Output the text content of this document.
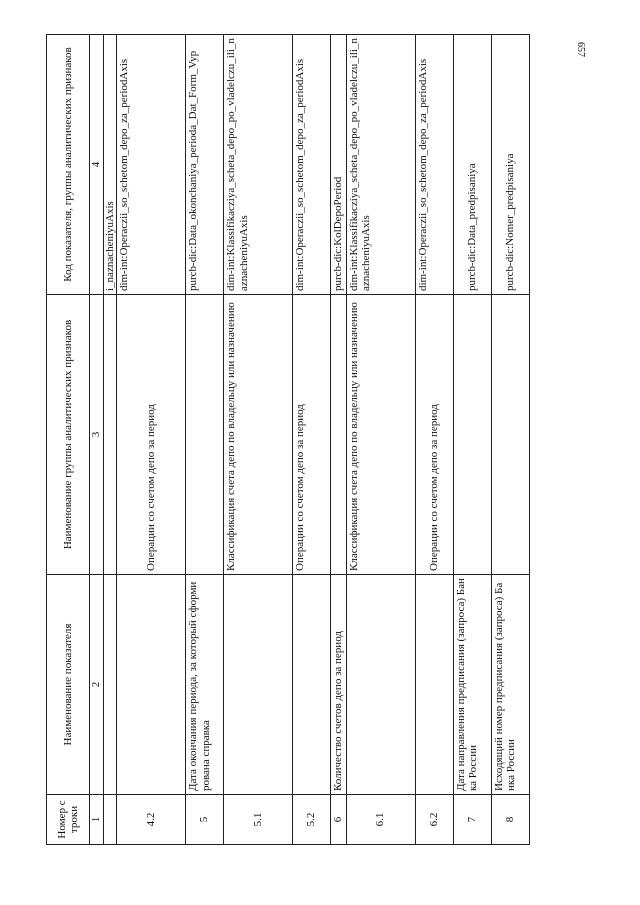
657
Номер строки	Наименование показателя	Наименование группы аналитических признаков	Код показателя, группы аналитических признаков
1	2	3	4
			i_naznacheniyuAxis
4.2		Операции со счетом депо за период	dim-int:Operaczii_so_schetom_depo_za_periodAxis
5	Дата окончания периода, за который сформирована справка		purcb-dic:Data_okonchaniya_perioda_Dat_Form_Vyp
5.1		Классификация счета депо по владельцу или назначению	dim-int:Klassifikacziya_scheta_depo_po_vladelczu_ili_naznacheniyuAxis
5.2		Операции со счетом депо за период	dim-int:Operaczii_so_schetom_depo_za_periodAxis
6	Количество счетов депо за период		purcb-dic:KolDepoPeriod
6.1		Классификация счета депо по владельцу или назначению	dim-int:Klassifikacziya_scheta_depo_po_vladelczu_ili_naznacheniyuAxis
6.2		Операции со счетом депо за период	dim-int:Operaczii_so_schetom_depo_za_periodAxis
7	Дата направления предписания (запроса) Банка России		purcb-dic:Data_predpisaniya
8	Исходящий номер предписания (запроса) Банка России		purcb-dic:Nomer_predpisaniya
